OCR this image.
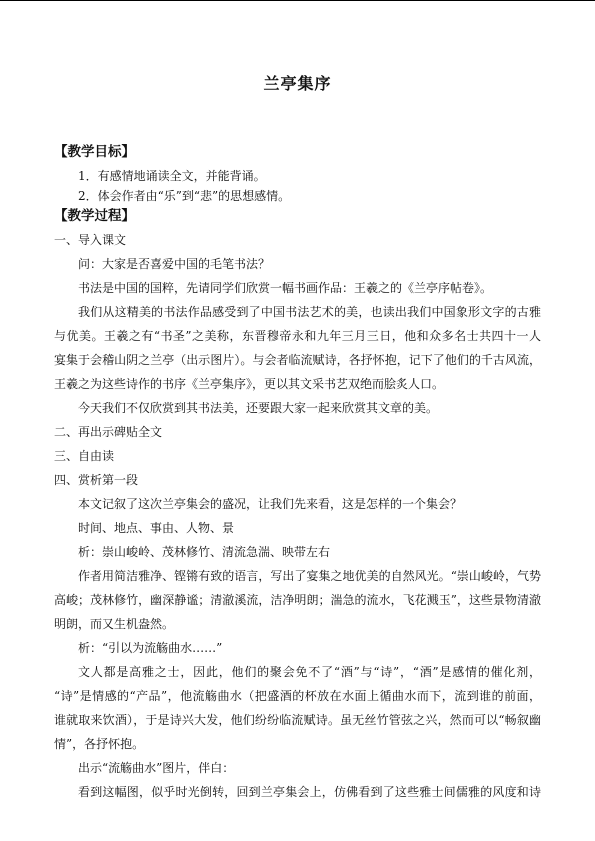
兰亭集序
【教学目标】
1．有感情地诵读全文，并能背诵。
2．体会作者由“乐”到“悲”的思想感情。
【教学过程】
一、导入课文
问：大家是否喜爱中国的毛笔书法？
书法是中国的国粹，先请同学们欣赏一幅书画作品：王羲之的《兰亭序帖卷》。
我们从这精美的书法作品感受到了中国书法艺术的美，也读出我们中国象形文字的古雅
与优美。王羲之有“书圣”之美称，东晋穆帝永和九年三月三日，他和众多名士共四十一人
宴集于会稽山阴之兰亭（出示图片）。与会者临流赋诗，各抒怀抱，记下了他们的千古风流，
王羲之为这些诗作的书序《兰亭集序》，更以其文采书艺双绝而脍炙人口。
今天我们不仅欣赏到其书法美，还要跟大家一起来欣赏其文章的美。
二、再出示碑贴全文
三、自由读
四、赏析第一段
本文记叙了这次兰亭集会的盛况，让我们先来看，这是怎样的一个集会？
时间、地点、事由、人物、景
析：崇山峻岭、茂林修竹、清流急湍、映带左右
作者用简洁雅净、铿锵有致的语言，写出了宴集之地优美的自然风光。“崇山峻岭，气势
高峻；茂林修竹，幽深静谧；清澈溪流，洁净明朗；湍急的流水，飞花溅玉”，这些景物清澈
明朗，而又生机盎然。
析：“引以为流觞曲水……”
文人都是高雅之士，因此，他们的聚会免不了“酒”与“诗”，“酒”是感情的催化剂，
“诗”是情感的“产品”，他流觞曲水（把盛酒的杯放在水面上循曲水而下，流到谁的前面，
谁就取来饮酒），于是诗兴大发，他们纷纷临流赋诗。虽无丝竹管弦之兴，然而可以“畅叙幽
情”，各抒怀抱。
出示“流觞曲水”图片，伴白：
看到这幅图，似乎时光倒转，回到兰亭集会上，仿佛看到了这些雅士间儒雅的风度和诗
